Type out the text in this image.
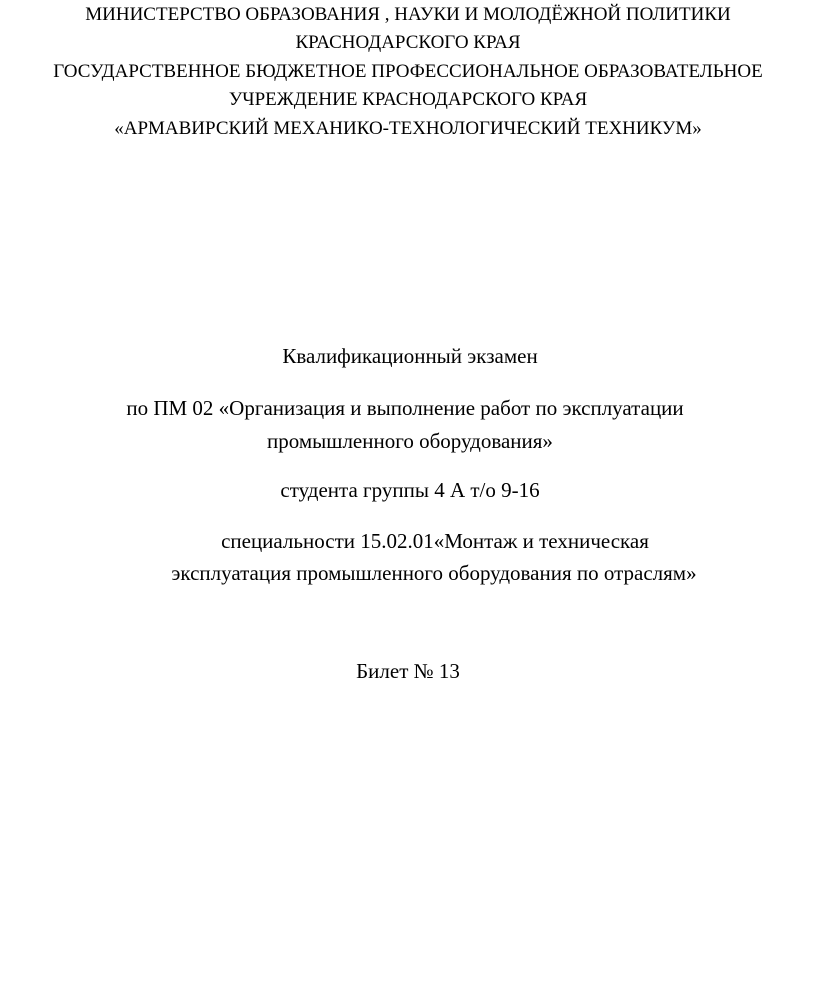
МИНИСТЕРСТВО ОБРАЗОВАНИЯ , НАУКИ И МОЛОДЁЖНОЙ ПОЛИТИКИ
КРАСНОДАРСКОГО КРАЯ
ГОСУДАРСТВЕННОЕ БЮДЖЕТНОЕ ПРОФЕССИОНАЛЬНОЕ ОБРАЗОВАТЕЛЬНОЕ
УЧРЕЖДЕНИЕ КРАСНОДАРСКОГО КРАЯ
«АРМАВИРСКИЙ МЕХАНИКО-ТЕХНОЛОГИЧЕСКИЙ ТЕХНИКУМ»
Квалификационный экзамен
по ПМ 02 «Организация и выполнение работ по эксплуатации
промышленного оборудования»
студента группы 4 А т/о 9-16
специальности 15.02.01«Монтаж и техническая
эксплуатация промышленного оборудования по отраслям»
Билет № 13
